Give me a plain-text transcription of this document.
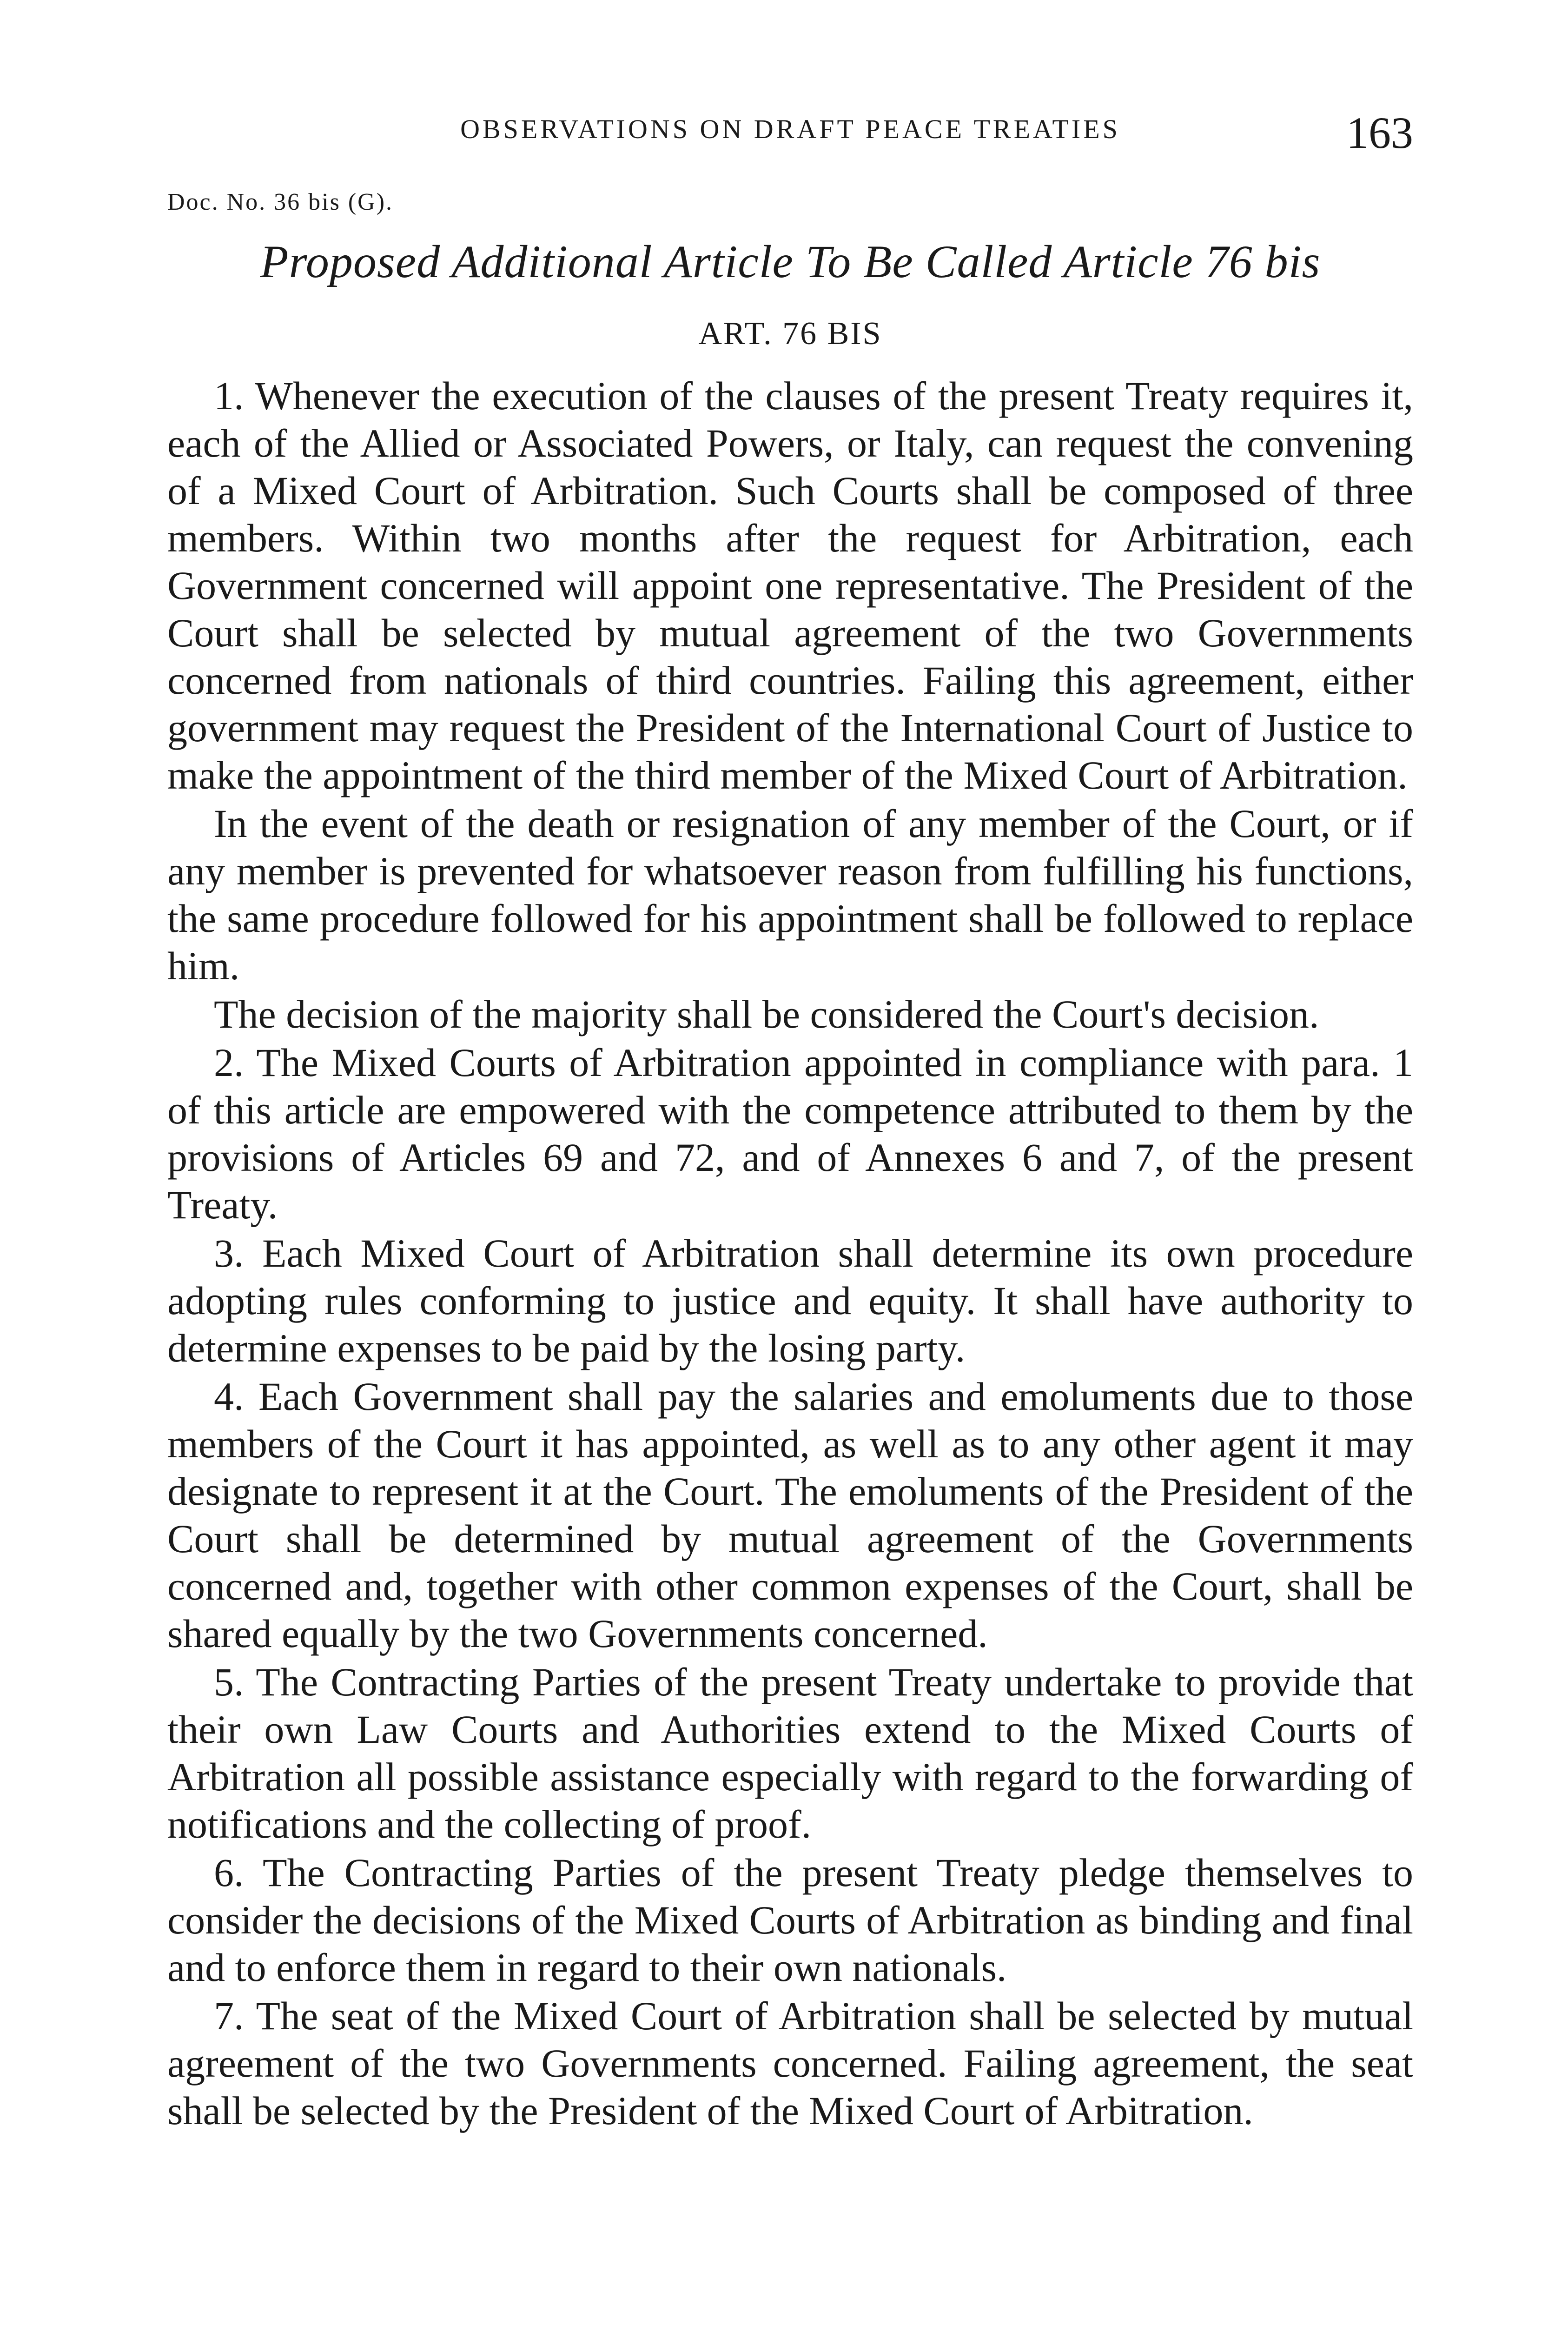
OBSERVATIONS ON DRAFT PEACE TREATIES	163
Doc. No. 36 bis (G).
Proposed Additional Article To Be Called Article 76 bis
ART. 76 BIS

1. Whenever the execution of the clauses of the present Treaty requires it, each of the Allied or Associated Powers, or Italy, can request the convening of a Mixed Court of Arbitration. Such Courts shall be composed of three members. Within two months after the request for Arbitration, each Government concerned will appoint one representative. The President of the Court shall be selected by mutual agreement of the two Governments concerned from nationals of third countries. Failing this agreement, either government may request the President of the International Court of Justice to make the appointment of the third member of the Mixed Court of Arbitration.

In the event of the death or resignation of any member of the Court, or if any member is prevented for whatsoever reason from fulfilling his functions, the same procedure followed for his appointment shall be followed to replace him.

The decision of the majority shall be considered the Court's decision.

2. The Mixed Courts of Arbitration appointed in compliance with para. 1 of this article are empowered with the competence attributed to them by the provisions of Articles 69 and 72, and of Annexes 6 and 7, of the present Treaty.

3. Each Mixed Court of Arbitration shall determine its own procedure adopting rules conforming to justice and equity. It shall have authority to determine expenses to be paid by the losing party.

4. Each Government shall pay the salaries and emoluments due to those members of the Court it has appointed, as well as to any other agent it may designate to represent it at the Court. The emoluments of the President of the Court shall be determined by mutual agreement of the Governments concerned and, together with other common expenses of the Court, shall be shared equally by the two Governments concerned.

5. The Contracting Parties of the present Treaty undertake to provide that their own Law Courts and Authorities extend to the Mixed Courts of Arbitration all possible assistance especially with regard to the forwarding of notifications and the collecting of proof.

6. The Contracting Parties of the present Treaty pledge themselves to consider the decisions of the Mixed Courts of Arbitration as binding and final and to enforce them in regard to their own nationals.

7. The seat of the Mixed Court of Arbitration shall be selected by mutual agreement of the two Governments concerned. Failing agreement, the seat shall be selected by the President of the Mixed Court of Arbitration.
